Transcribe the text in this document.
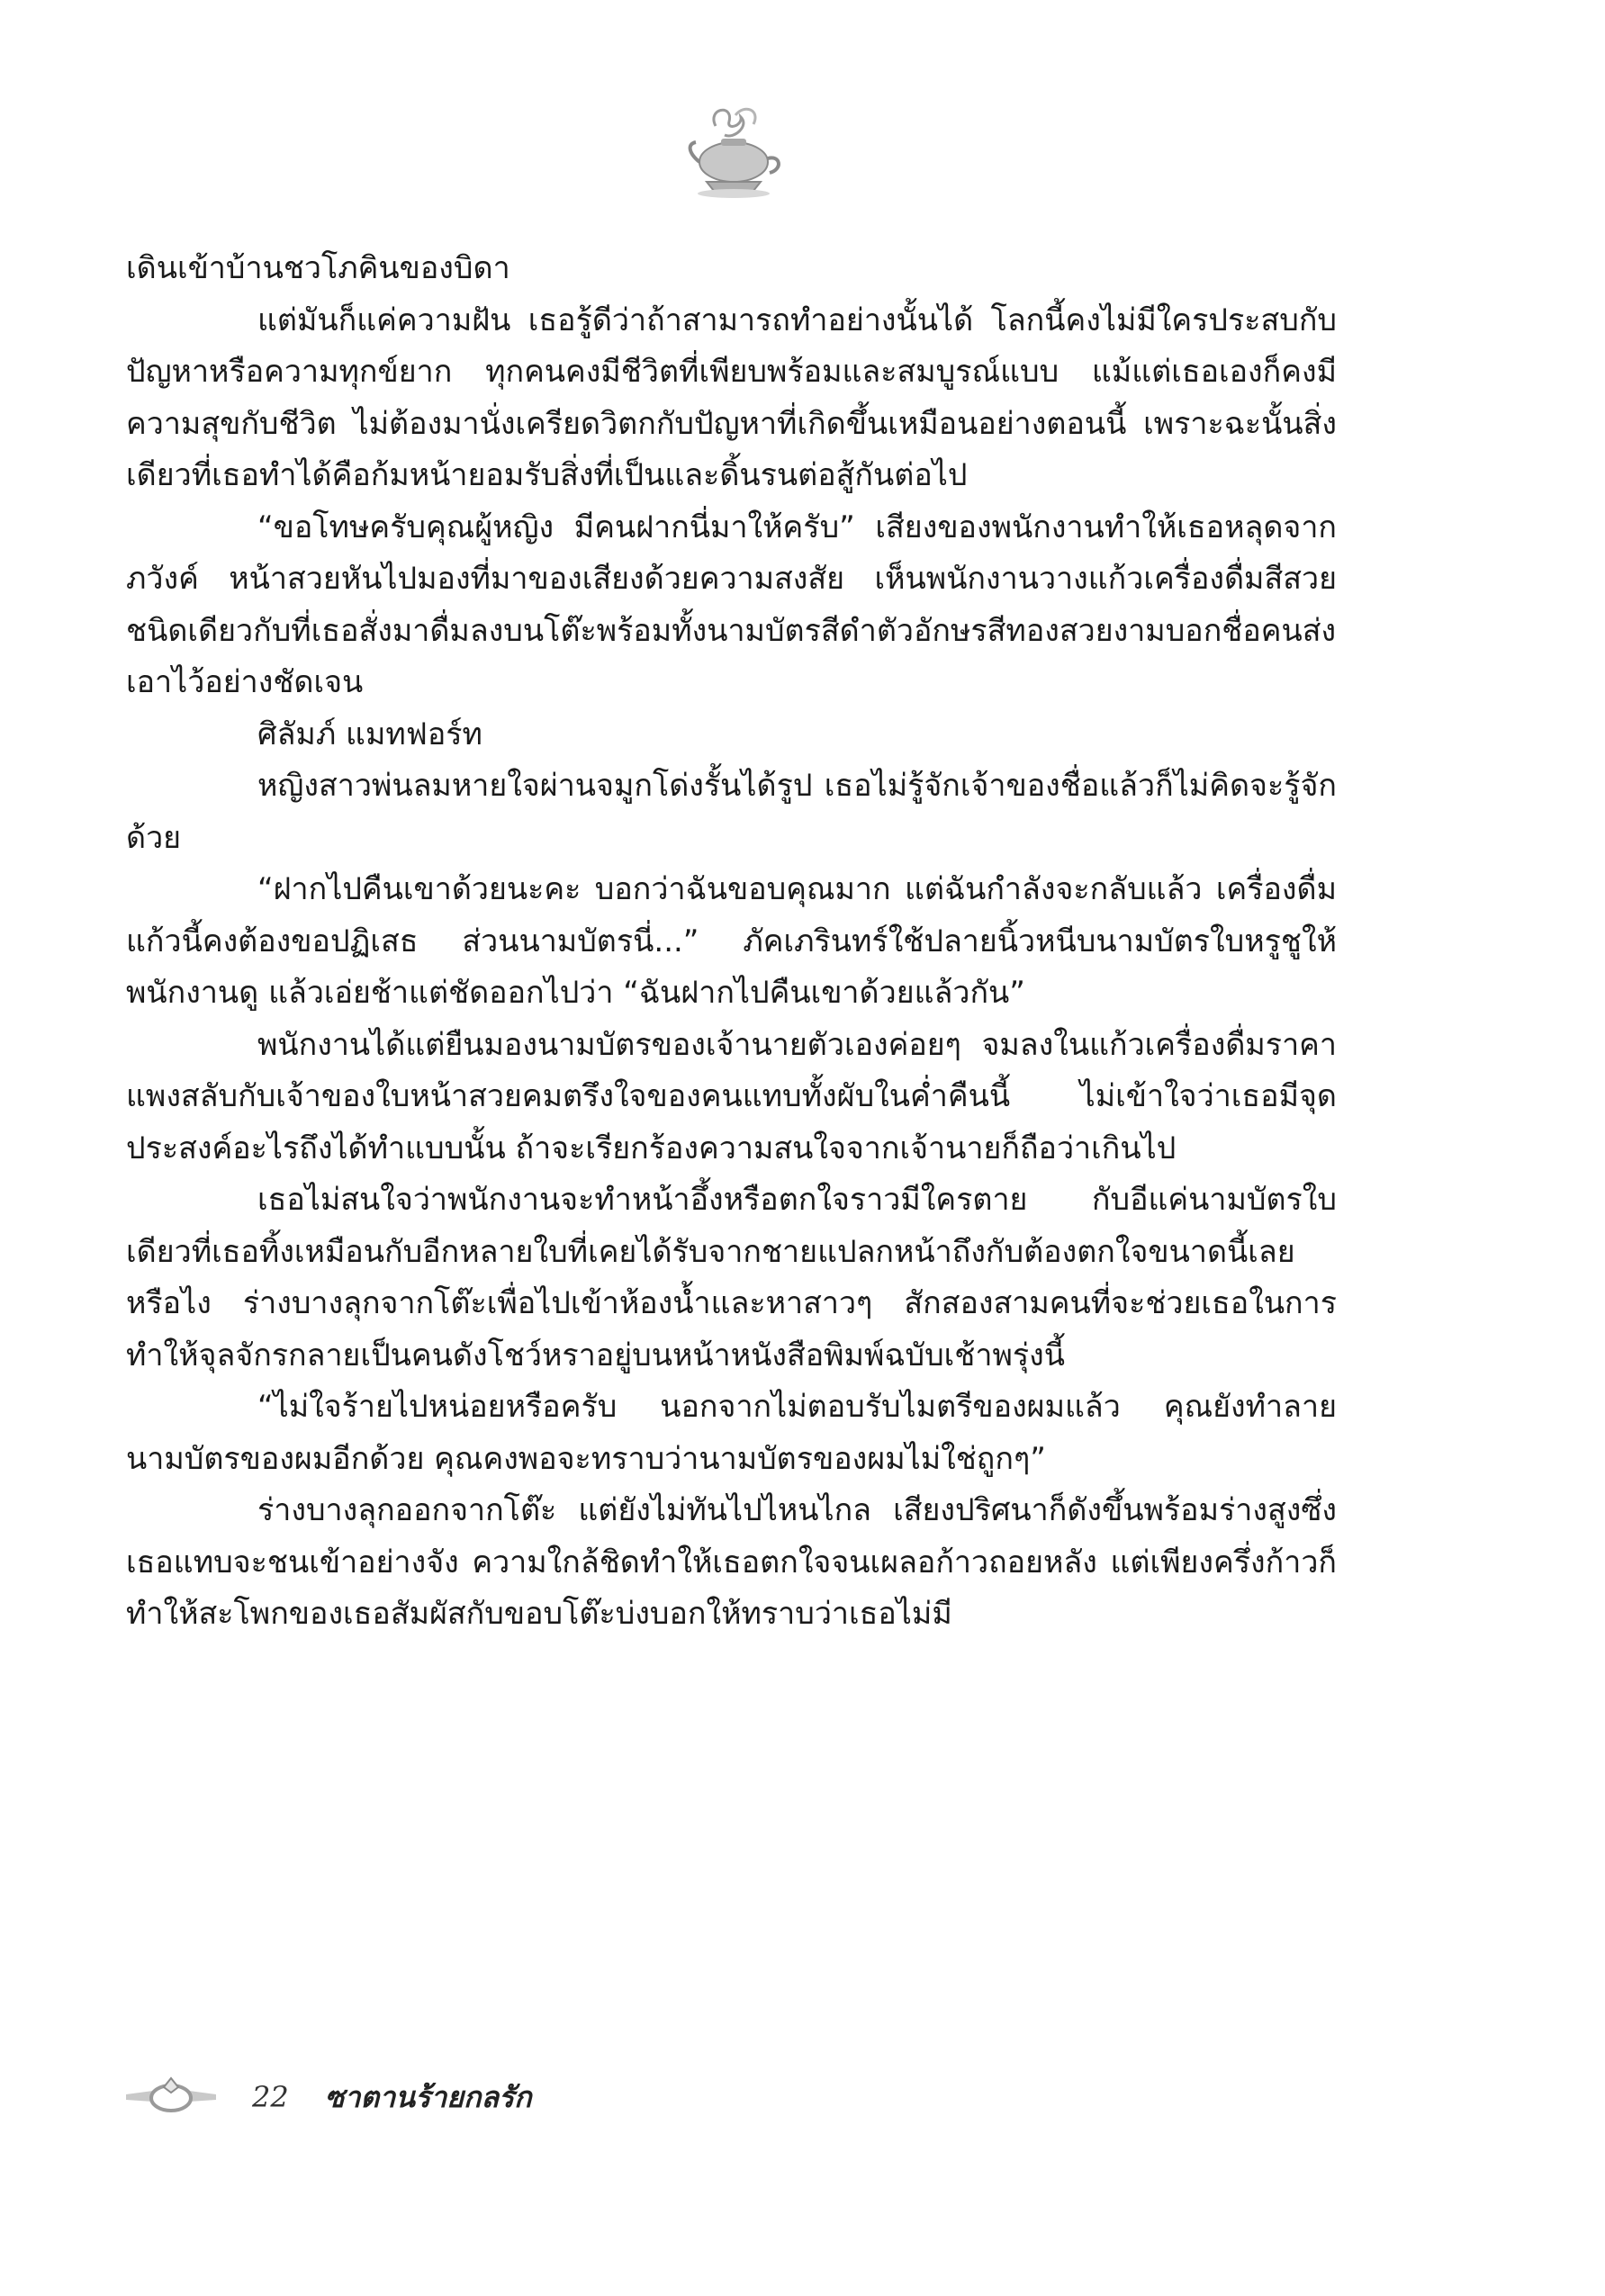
เดินเข้าบ้านชวโภคินของบิดา

แต่มันก็แค่ความฝัน เธอรู้ดีว่าถ้าสามารถทำอย่างนั้นได้ โลกนี้คงไม่มีใครประสบกับปัญหาหรือความทุกข์ยาก ทุกคนคงมีชีวิตที่เพียบพร้อมและสมบูรณ์แบบ แม้แต่เธอเองก็คงมีความสุขกับชีวิต ไม่ต้องมานั่งเครียดวิตกกับปัญหาที่เกิดขึ้นเหมือนอย่างตอนนี้ เพราะฉะนั้นสิ่งเดียวที่เธอทำได้คือก้มหน้ายอมรับสิ่งที่เป็นและดิ้นรนต่อสู้กันต่อไป

“ขอโทษครับคุณผู้หญิง มีคนฝากนี่มาให้ครับ” เสียงของพนักงานทำให้เธอหลุดจากภวังค์ หน้าสวยหันไปมองที่มาของเสียงด้วยความสงสัย เห็นพนักงานวางแก้วเครื่องดื่มสีสวยชนิดเดียวกับที่เธอสั่งมาดื่มลงบนโต๊ะพร้อมทั้งนามบัตรสีดำตัวอักษรสีทองสวยงามบอกชื่อคนส่งเอาไว้อย่างชัดเจน

ศิลัมภ์ แมทฟอร์ท

หญิงสาวพ่นลมหายใจผ่านจมูกโด่งรั้นได้รูป เธอไม่รู้จักเจ้าของชื่อแล้วก็ไม่คิดจะรู้จักด้วย

“ฝากไปคืนเขาด้วยนะคะ บอกว่าฉันขอบคุณมาก แต่ฉันกำลังจะกลับแล้ว เครื่องดื่มแก้วนี้คงต้องขอปฏิเสธ ส่วนนามบัตรนี่...” ภัคเภรินทร์ใช้ปลายนิ้วหนีบนามบัตรใบหรูชูให้พนักงานดู แล้วเอ่ยช้าแต่ชัดออกไปว่า “ฉันฝากไปคืนเขาด้วยแล้วกัน”

พนักงานได้แต่ยืนมองนามบัตรของเจ้านายตัวเองค่อยๆ จมลงในแก้วเครื่องดื่มราคาแพงสลับกับเจ้าของใบหน้าสวยคมตรึงใจของคนแทบทั้งผับในค่ำคืนนี้ ไม่เข้าใจว่าเธอมีจุดประสงค์อะไรถึงได้ทำแบบนั้น ถ้าจะเรียกร้องความสนใจจากเจ้านายก็ถือว่าเกินไป

เธอไม่สนใจว่าพนักงานจะทำหน้าอึ้งหรือตกใจราวมีใครตาย กับอีแค่นามบัตรใบเดียวที่เธอทิ้งเหมือนกับอีกหลายใบที่เคยได้รับจากชายแปลกหน้าถึงกับต้องตกใจขนาดนี้เลยหรือไง ร่างบางลุกจากโต๊ะเพื่อไปเข้าห้องน้ำและหาสาวๆ สักสองสามคนที่จะช่วยเธอในการทำให้จุลจักรกลายเป็นคนดังโชว์หราอยู่บนหน้าหนังสือพิมพ์ฉบับเช้าพรุ่งนี้

“ไม่ใจร้ายไปหน่อยหรือครับ นอกจากไม่ตอบรับไมตรีของผมแล้ว คุณยังทำลายนามบัตรของผมอีกด้วย คุณคงพอจะทราบว่านามบัตรของผมไม่ใช่ถูกๆ”

ร่างบางลุกออกจากโต๊ะ แต่ยังไม่ทันไปไหนไกล เสียงปริศนาก็ดังขึ้นพร้อมร่างสูงซึ่งเธอแทบจะชนเข้าอย่างจัง ความใกล้ชิดทำให้เธอตกใจจนเผลอก้าวถอยหลัง แต่เพียงครึ่งก้าวก็ทำให้สะโพกของเธอสัมผัสกับขอบโต๊ะบ่งบอกให้ทราบว่าเธอไม่มี

22 ซาตานร้ายกลรัก
